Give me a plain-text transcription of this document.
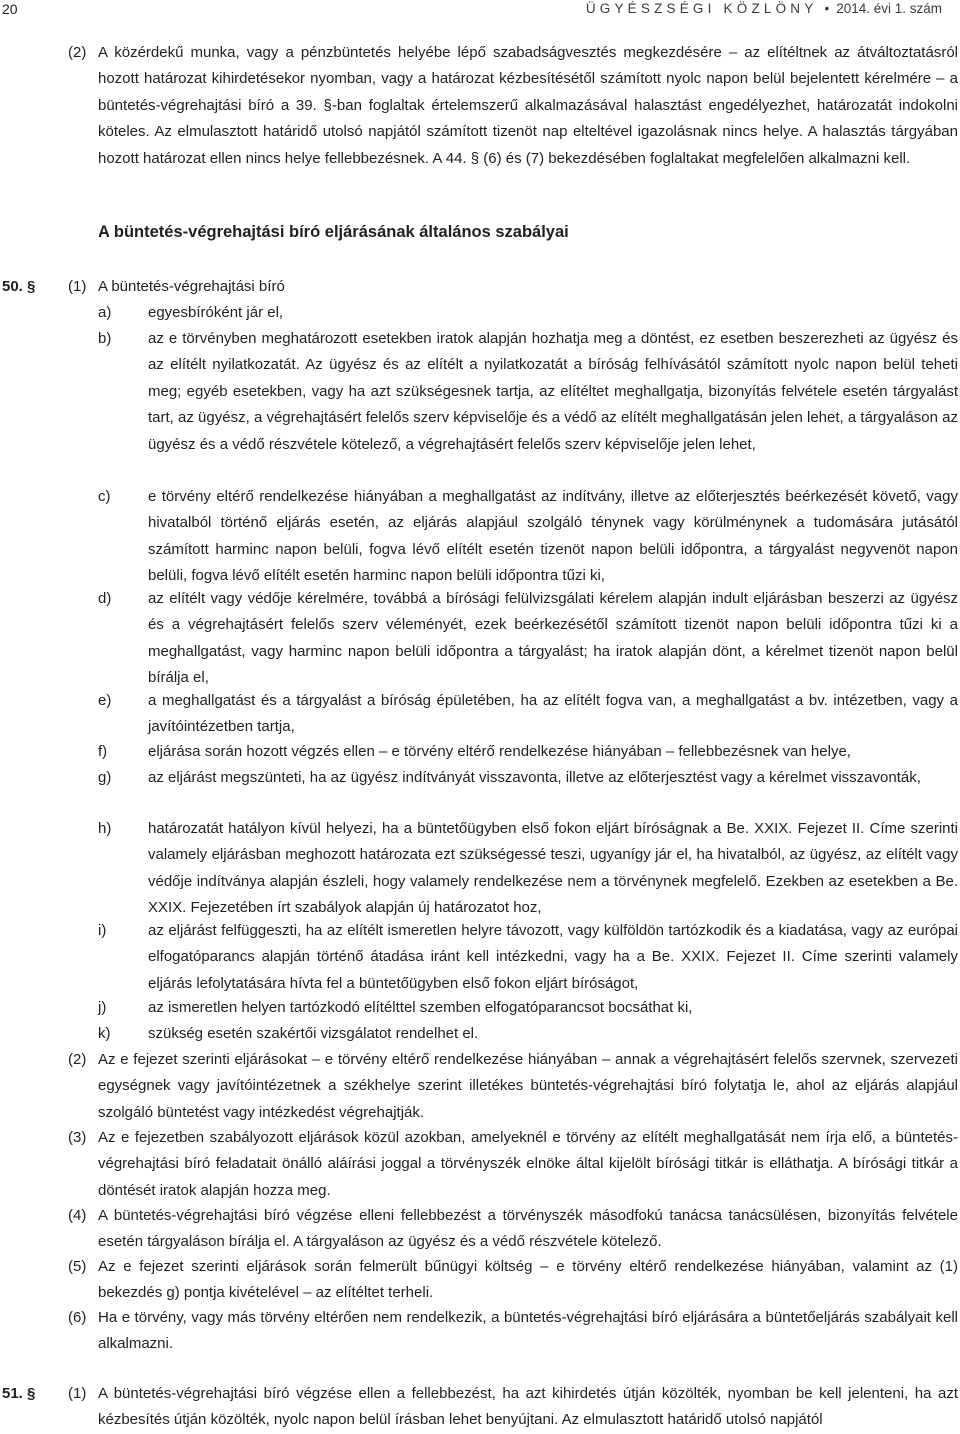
20	ÜGYÉSZSÉGI KÖZLÖNY • 2014. évi 1. szám
(2) A közérdekű munka, vagy a pénzbüntetés helyébe lépő szabadságvesztés megkezdésére – az elítéltnek az átváltoztatásról hozott határozat kihirdetésekor nyomban, vagy a határozat kézbesítésétől számított nyolc napon belül bejelentett kérelmére – a büntetés-végrehajtási bíró a 39. §-ban foglaltak értelemszerű alkalmazásával halasztást engedélyezhet, határozatát indokolni köteles. Az elmulasztott határidő utolsó napjától számított tizenöt nap elteltével igazolásnak nincs helye. A halasztás tárgyában hozott határozat ellen nincs helye fellebbezésnek. A 44. § (6) és (7) bekezdésében foglaltakat megfelelően alkalmazni kell.
A büntetés-végrehajtási bíró eljárásának általános szabályai
50. § (1) A büntetés-végrehajtási bíró
a) egyesbíróként jár el,
b) az e törvényben meghatározott esetekben iratok alapján hozhatja meg a döntést, ez esetben beszerezheti az ügyész és az elítélt nyilatkozatát. Az ügyész és az elítélt a nyilatkozatát a bíróság felhívásától számított nyolc napon belül teheti meg; egyéb esetekben, vagy ha azt szükségesnek tartja, az elítéltet meghallgatja, bizonyítás felvétele esetén tárgyalást tart, az ügyész, a végrehajtásért felelős szerv képviselője és a védő az elítélt meghallgatásán jelen lehet, a tárgyaláson az ügyész és a védő részvétele kötelező, a végrehajtásért felelős szerv képviselője jelen lehet,
c)	e törvény eltérő rendelkezése hiányában a meghallgatást az indítvány, illetve az előterjesztés beérkezését követő, vagy hivatalból történő eljárás esetén, az eljárás alapjául szolgáló ténynek vagy körülménynek a tudomására jutásától számított harminc napon belüli, fogva lévő elítélt esetén tizenöt napon belüli időpontra, a tárgyalást negyvenöt napon belüli, fogva lévő elítélt esetén harminc napon belüli időpontra tűzi ki,
d) az elítélt vagy védője kérelmére, továbbá a bírósági felülvizsgálati kérelem alapján indult eljárásban beszerzi az ügyész és a végrehajtásért felelős szerv véleményét, ezek beérkezésétől számított tizenöt napon belüli időpontra tűzi ki a meghallgatást, vagy harminc napon belüli időpontra a tárgyalást; ha iratok alapján dönt, a kérelmet tizenöt napon belül bírálja el,
e) a meghallgatást és a tárgyalást a bíróság épületében, ha az elítélt fogva van, a meghallgatást a bv. intézetben, vagy a javítóintézetben tartja,
f)	eljárása során hozott végzés ellen – e törvény eltérő rendelkezése hiányában – fellebbezésnek van helye,
g) az eljárást megszünteti, ha az ügyész indítványát visszavonta, illetve az előterjesztést vagy a kérelmet visszavonták,
h) határozatát hatályon kívül helyezi, ha a büntetőügyben első fokon eljárt bíróságnak a Be. XXIX. Fejezet II. Címe szerinti valamely eljárásban meghozott határozata ezt szükségessé teszi, ugyanígy jár el, ha hivatalból, az ügyész, az elítélt vagy védője indítványa alapján észleli, hogy valamely rendelkezése nem a törvénynek megfelelő. Ezekben az esetekben a Be. XXIX. Fejezetében írt szabályok alapján új határozatot hoz,
i)	az eljárást felfüggeszti, ha az elítélt ismeretlen helyre távozott, vagy külföldön tartózkodik és a kiadatása, vagy az európai elfogatóparancs alapján történő átadása iránt kell intézkedni, vagy ha a Be. XXIX. Fejezet II. Címe szerinti valamely eljárás lefolytatására hívta fel a büntetőügyben első fokon eljárt bíróságot,
j)	az ismeretlen helyen tartózkodó elítélttel szemben elfogatóparancsot bocsáthat ki,
k)	szükség esetén szakértői vizsgálatot rendelhet el.
(2) Az e fejezet szerinti eljárásokat – e törvény eltérő rendelkezése hiányában – annak a végrehajtásért felelős szervnek, szervezeti egységnek vagy javítóintézetnek a székhelye szerint illetékes büntetés-végrehajtási bíró folytatja le, ahol az eljárás alapjául szolgáló büntetést vagy intézkedést végrehajtják.
(3) Az e fejezetben szabályozott eljárások közül azokban, amelyeknél e törvény az elítélt meghallgatását nem írja elő, a büntetés-végrehajtási bíró feladatait önálló aláírási joggal a törvényszék elnöke által kijelölt bírósági titkár is elláthatja. A bírósági titkár a döntését iratok alapján hozza meg.
(4) A büntetés-végrehajtási bíró végzése elleni fellebbezést a törvényszék másodfokú tanácsa tanácsülésen, bizonyítás felvétele esetén tárgyaláson bírálja el. A tárgyaláson az ügyész és a védő részvétele kötelező.
(5) Az e fejezet szerinti eljárások során felmerült bűnügyi költség – e törvény eltérő rendelkezése hiányában, valamint az (1) bekezdés g) pontja kivételével – az elítéltet terheli.
(6) Ha e törvény, vagy más törvény eltérően nem rendelkezik, a büntetés-végrehajtási bíró eljárására a büntetőeljárás szabályait kell alkalmazni.
51. § (1) A büntetés-végrehajtási bíró végzése ellen a fellebbezést, ha azt kihirdetés útján közölték, nyomban be kell jelenteni, ha azt kézbesítés útján közölték, nyolc napon belül írásban lehet benyújtani. Az elmulasztott határidő utolsó napjától
